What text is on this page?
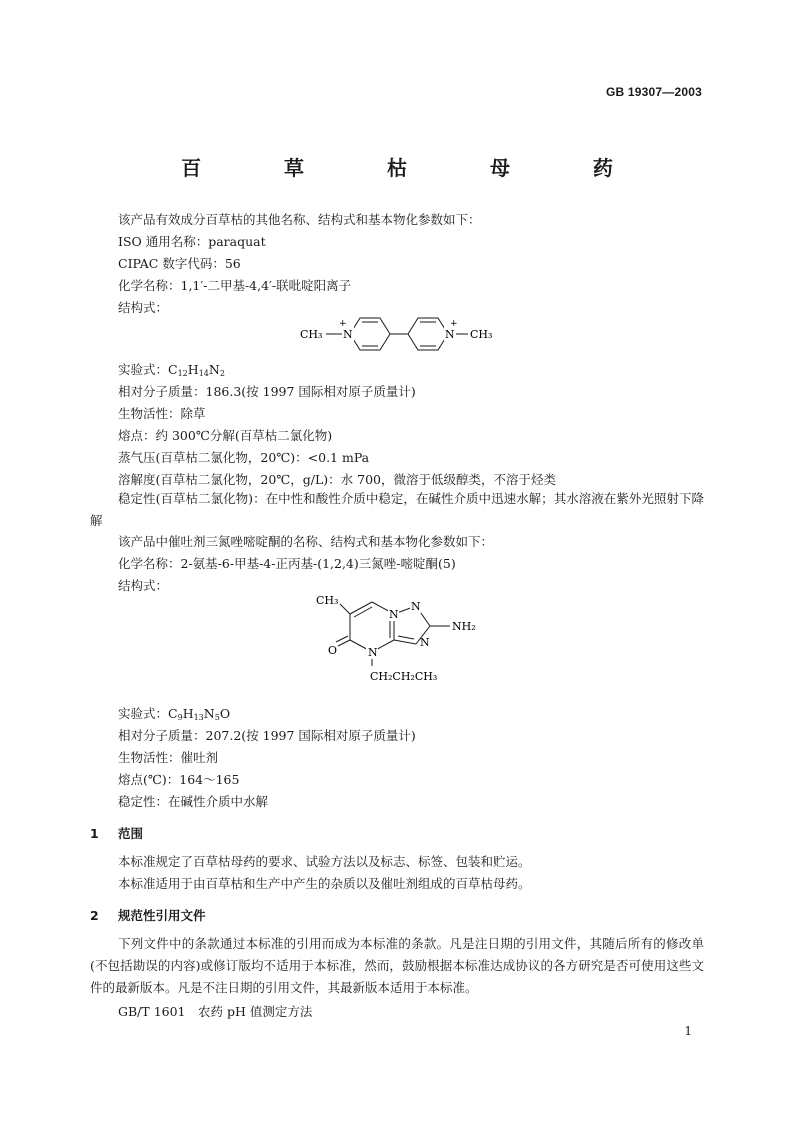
GB 19307—2003
百 草 枯 母 药
该产品有效成分百草枯的其他名称、结构式和基本物化参数如下：
ISO 通用名称：paraquat
CIPAC 数字代码：56
化学名称：1,1′-二甲基-4,4′-联吡啶阳离子
结构式：
CH₃ N
+
N
+
CH₃
实验式：$C_{12}H_{14}N_2$
相对分子质量：186.3(按 1997 国际相对原子质量计)
生物活性：除草
熔点：约 300℃分解(百草枯二氯化物)
蒸气压(百草枯二氯化物，20℃)：<0.1 mPa
溶解度(百草枯二氯化物，20℃，g/L)：水 700，微溶于低级醇类，不溶于烃类
稳定性(百草枯二氯化物)：在中性和酸性介质中稳定，在碱性介质中迅速水解；其水溶液在紫外光照射下降解
该产品中催吐剂三氮唑嘧啶酮的名称、结构式和基本物化参数如下：
化学名称：2-氨基-6-甲基-4-正丙基-(1,2,4)三氮唑-嘧啶酮(5)
结构式：
CH₃
N
N
N
NH₂
O	N
CH₂CH₂CH₃
实验式：$C_9H_{13}N_5O$
相对分子质量：207.2(按 1997 国际相对原子质量计)
生物活性：催吐剂
熔点(℃)：164～165
稳定性：在碱性介质中水解
1 范围
本标准规定了百草枯母药的要求、试验方法以及标志、标签、包装和贮运。
本标准适用于由百草枯和生产中产生的杂质以及催吐剂组成的百草枯母药。
2 规范性引用文件
下列文件中的条款通过本标准的引用而成为本标准的条款。凡是注日期的引用文件，其随后所有的修改单(不包括勘误的内容)或修订版均不适用于本标准，然而，鼓励根据本标准达成协议的各方研究是否可使用这些文件的最新版本。凡是不注日期的引用文件，其最新版本适用于本标准。
GB/T 1601　农药 pH 值测定方法
1
